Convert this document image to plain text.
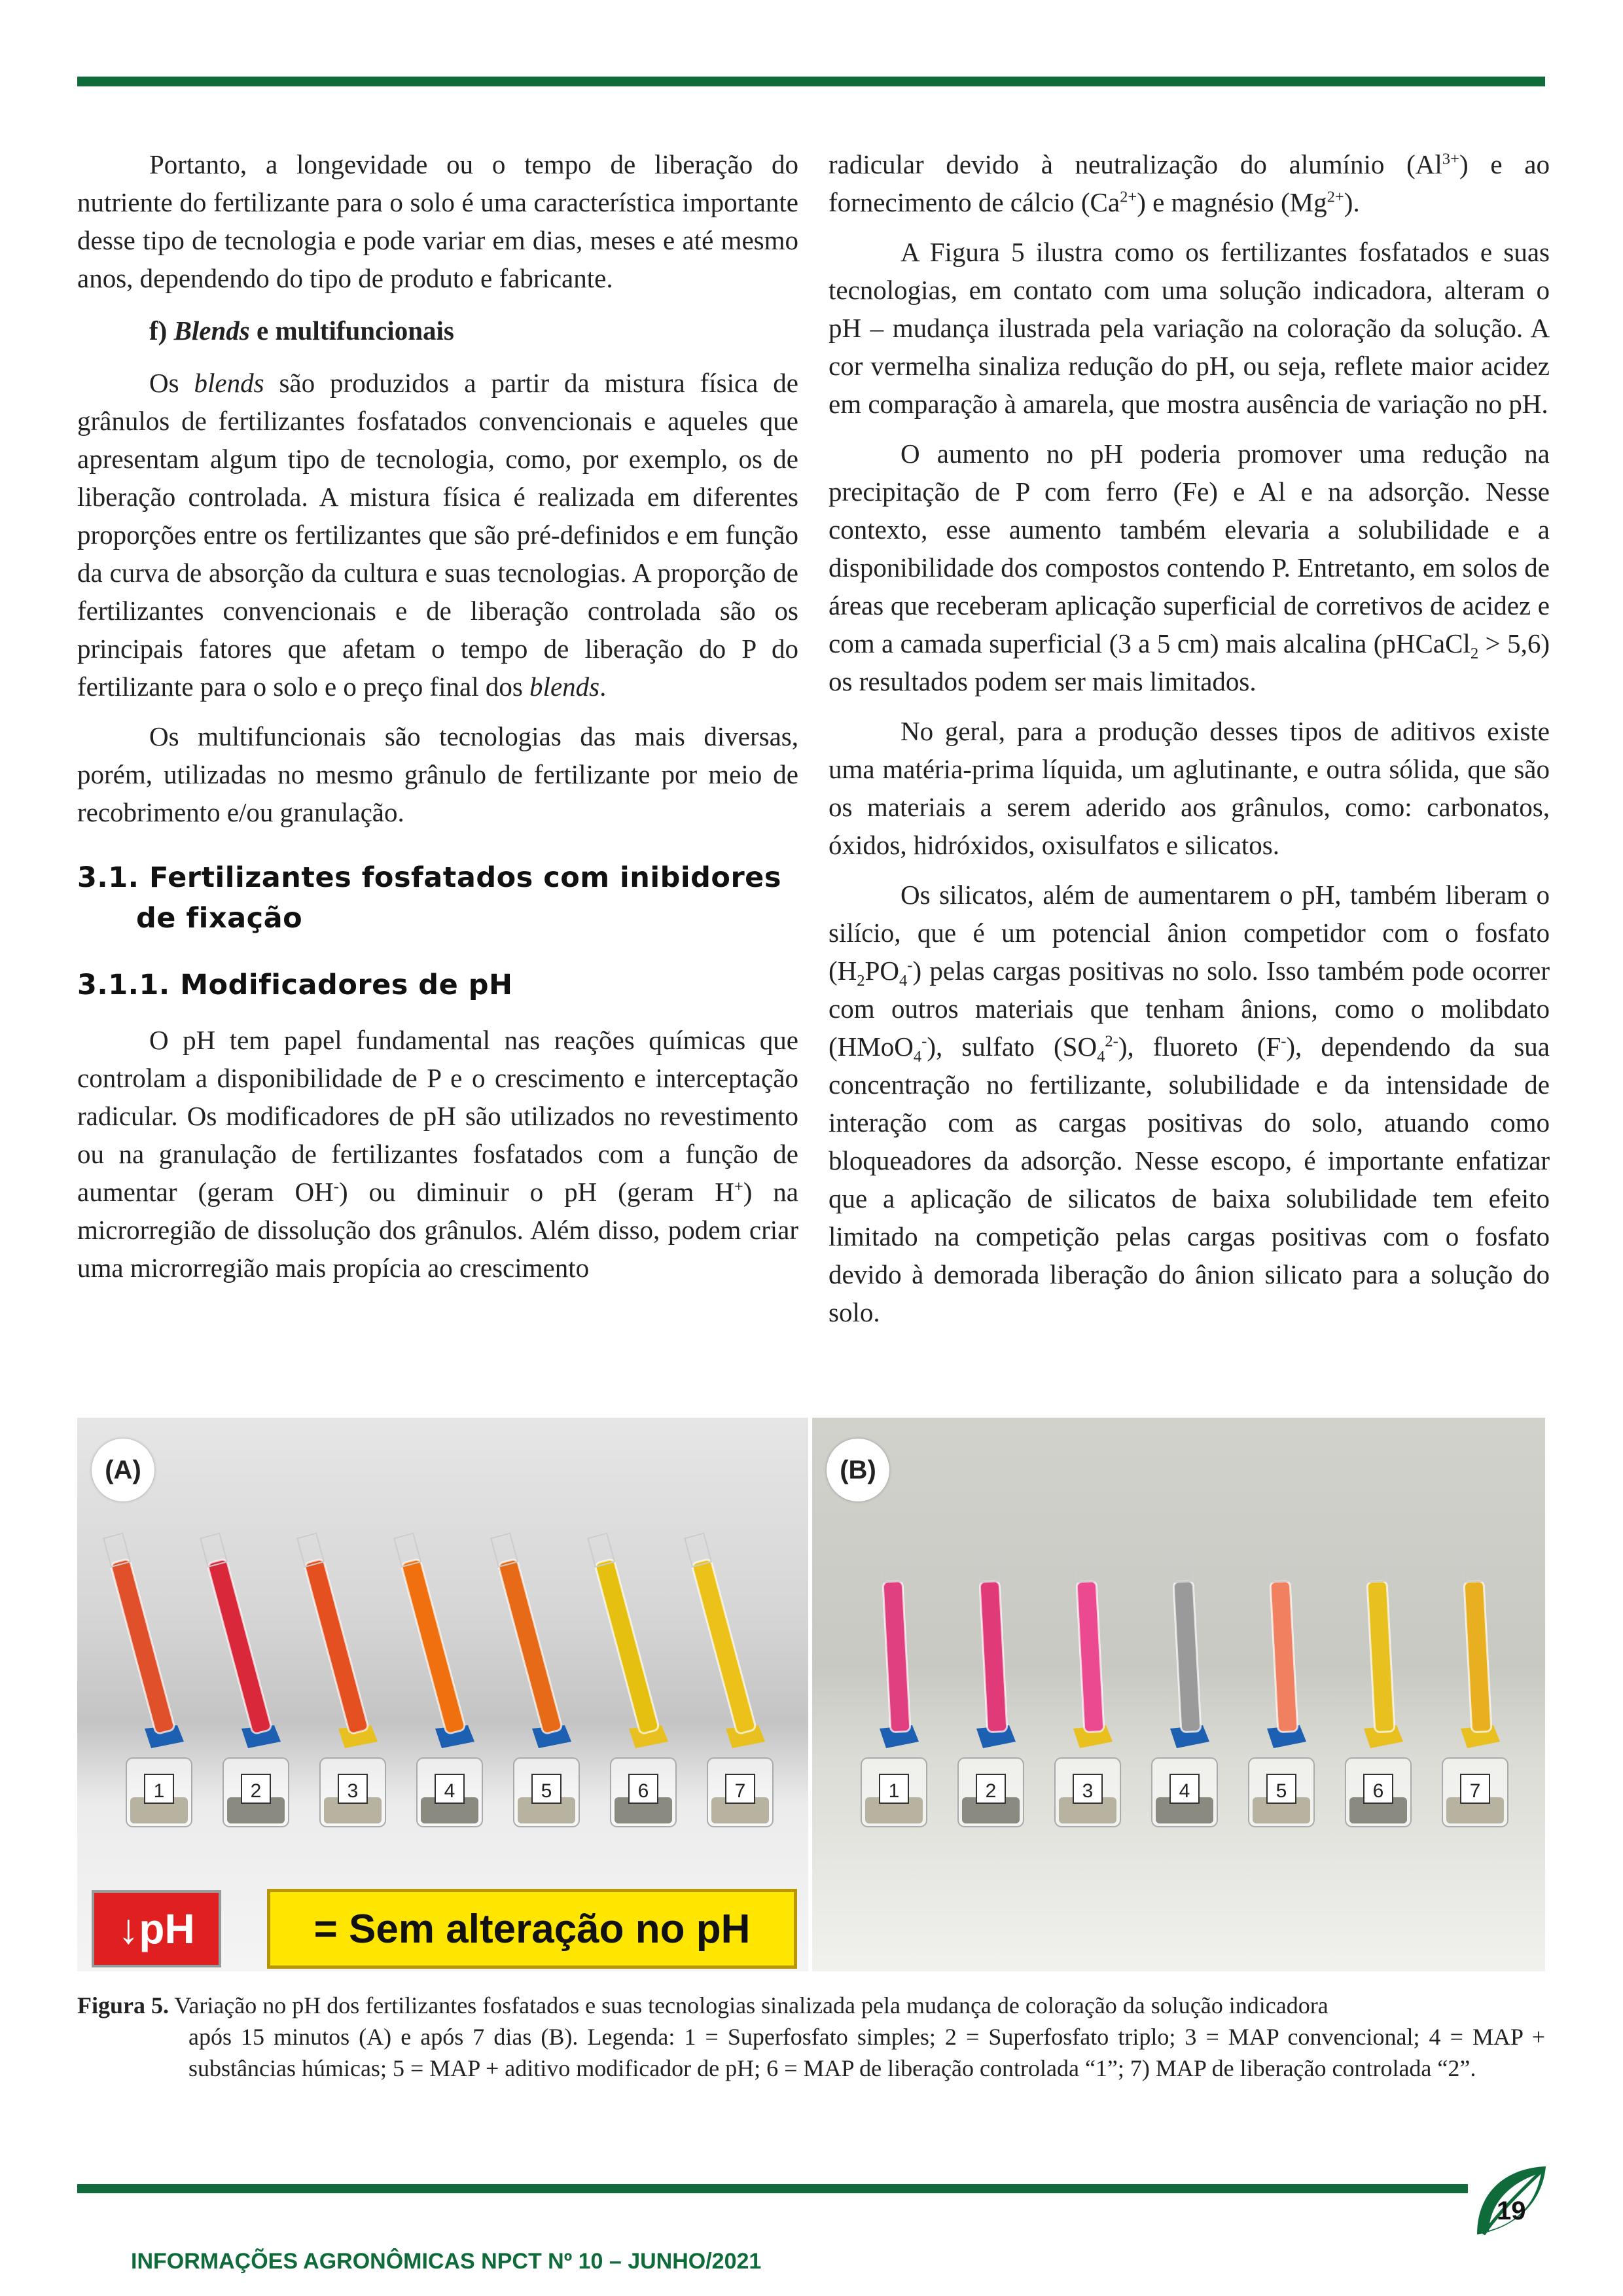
Portanto, a longevidade ou o tempo de liberação do nutriente do fertilizante para o solo é uma característica importante desse tipo de tecnologia e pode variar em dias, meses e até mesmo anos, dependendo do tipo de produto e fabricante.

f) Blends e multifuncionais

Os blends são produzidos a partir da mistura física de grânulos de fertilizantes fosfatados convencionais e aqueles que apresentam algum tipo de tecnologia, como, por exemplo, os de liberação controlada. A mistura física é realizada em diferentes proporções entre os fertilizantes que são pré-definidos e em função da curva de absorção da cultura e suas tecnologias. A proporção de fertilizantes convencionais e de liberação controlada são os principais fatores que afetam o tempo de liberação do P do fertilizante para o solo e o preço final dos blends.

Os multifuncionais são tecnologias das mais diversas, porém, utilizadas no mesmo grânulo de fertilizante por meio de recobrimento e/ou granulação.

3.1. Fertilizantes fosfatados com inibidores
de fixação
3.1.1. Modificadores de pH

O pH tem papel fundamental nas reações químicas que controlam a disponibilidade de P e o crescimento e interceptação radicular. Os modificadores de pH são utilizados no revestimento ou na granulação de fertilizantes fosfatados com a função de aumentar (geram OH-) ou diminuir o pH (geram H+) na microrregião de dissolução dos grânulos. Além disso, podem criar uma microrregião mais propícia ao crescimento

radicular devido à neutralização do alumínio $(Al^{3+})$ e ao fornecimento de cálcio $(Ca^{2+})$ e magnésio $(Mg^{2+})$.

A Figura 5 ilustra como os fertilizantes fosfatados e suas tecnologias, em contato com uma solução indicadora, alteram o pH – mudança ilustrada pela variação na coloração da solução. A cor vermelha sinaliza redução do pH, ou seja, reflete maior acidez em comparação à amarela, que mostra ausência de variação no pH.

O aumento no pH poderia promover uma redução na precipitação de P com ferro (Fe) e Al e na adsorção. Nesse contexto, esse aumento também elevaria a solubilidade e a disponibilidade dos compostos contendo P. Entretanto, em solos de áreas que receberam aplicação superficial de corretivos de acidez e com a camada superficial (3 a 5 cm) mais alcalina (pHCaCl$_2$ > 5,6) os resultados podem ser mais limitados.

No geral, para a produção desses tipos de aditivos existe uma matéria-prima líquida, um aglutinante, e outra sólida, que são os materiais a serem aderido aos grânulos, como: carbonatos, óxidos, hidróxidos, oxisulfatos e silicatos.

Os silicatos, além de aumentarem o pH, também liberam o silício, que é um potencial ânion competidor com o fosfato $(H_2PO_4^-)$ pelas cargas positivas no solo. Isso também pode ocorrer com outros materiais que tenham ânions, como o molibdato (HMoO$_4$-), sulfato $(SO_4^{2-})$, fluoreto (F-), dependendo da sua concentração no fertilizante, solubilidade e da intensidade de interação com as cargas positivas do solo, atuando como bloqueadores da adsorção. Nesse escopo, é importante enfatizar que a aplicação de silicatos de baixa solubilidade tem efeito limitado na competição pelas cargas positivas com o fosfato devido à demorada liberação do ânion silicato para a solução do solo.

1	2	3	4	5	6	7
(A)
↓pH	= Sem alteração no pH
1	2	3	4	5	6	7
(B)
Figura 5. Variação no pH dos fertilizantes fosfatados e suas tecnologias sinalizada pela mudança de coloração da solução indicadora
após 15 minutos (A) e após 7 dias (B). Legenda: 1 = Superfosfato simples; 2 = Superfosfato triplo; 3 = MAP convencional; 4 = MAP + substâncias húmicas; 5 = MAP + aditivo modificador de pH; 6 = MAP de liberação controlada “1”; 7) MAP de liberação controlada “2”.
INFORMAÇÕES AGRONÔMICAS NPCT Nº 10 – JUNHO/2021
19
